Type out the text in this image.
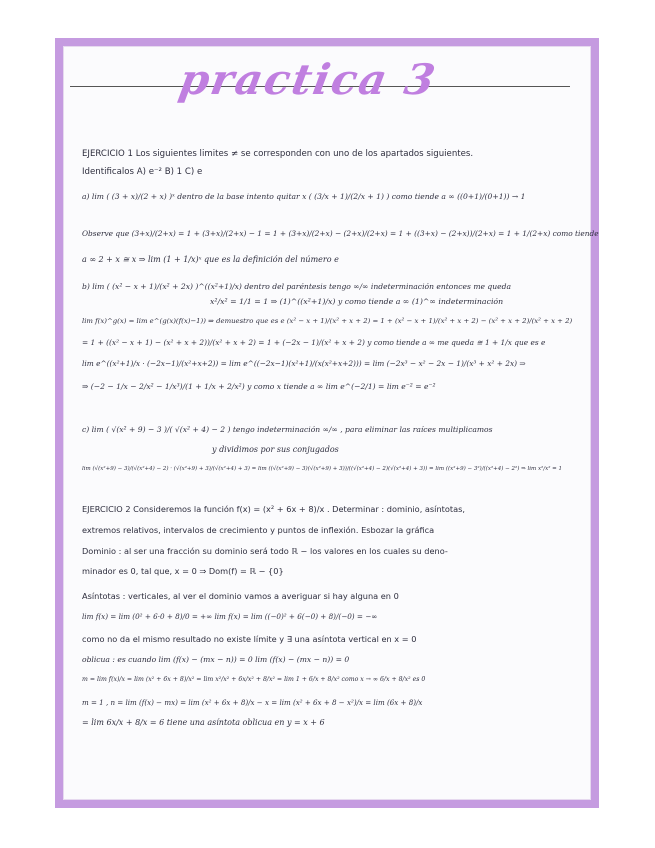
practica 3
EJERCICIO 1 Los siguientes limites ≠ se corresponden con uno de los apartados siguientes.
Identificalos A) e⁻² B) 1 C) e
a) lim ( (3 + x)/(2 + x) )ˣ dentro de la base intento quitar x ( (3/x + 1)/(2/x + 1) ) como tiende a ∞ ((0+1)/(0+1)) → 1
Observe que (3+x)/(2+x) = 1 + (3+x)/(2+x) − 1 = 1 + (3+x)/(2+x) − (2+x)/(2+x) = 1 + ((3+x) − (2+x))/(2+x) = 1 + 1/(2+x) como tiende
a ∞ 2 + x ≅ x ⇒ lim (1 + 1/x)ˣ que es la definición del número e
b) lim ( (x² − x + 1)/(x² + 2x) )^((x²+1)/x) dentro del paréntesis tengo ∞/∞ indeterminación entonces me queda
x²/x² = 1/1 = 1 ⇒ (1)^((x²+1)/x) y como tiende a ∞ (1)^∞ indeterminación
lim f(x)^g(x) = lim e^(g(x)(f(x)−1)) ⇒ demuestro que es e (x² − x + 1)/(x² + x + 2) = 1 + (x² − x + 1)/(x² + x + 2) − (x² + x + 2)/(x² + x + 2)
= 1 + ((x² − x + 1) − (x² + x + 2))/(x² + x + 2) = 1 + (−2x − 1)/(x² + x + 2) y como tiende a ∞ me queda ≅ 1 + 1/x que es e
lim e^((x²+1)/x · (−2x−1)/(x²+x+2)) = lim e^((−2x−1)(x²+1)/(x(x²+x+2))) = lim (−2x³ − x² − 2x − 1)/(x³ + x² + 2x) ⇒
⇒ (−2 − 1/x − 2/x² − 1/x³)/(1 + 1/x + 2/x²) y como x tiende a ∞ lim e^(−2/1) = lim e⁻² = e⁻²
c) lim ( √(x² + 9) − 3 )/( √(x² + 4) − 2 ) tengo indeterminación ∞/∞ , para eliminar las raíces multiplicamos
y dividimos por sus conjugados
lim (√(x²+9) − 3)/(√(x²+4) − 2) · (√(x²+9) + 3)/(√(x²+4) + 3) = lim ((√(x²+9) − 3)(√(x²+9) + 3))/((√(x²+4) − 2)(√(x²+4) + 3)) = lim ((x²+9) − 3²)/((x²+4) − 2²) ⇒ lim x²/x² = 1
EJERCICIO 2 Consideremos la función f(x) = (x² + 6x + 8)/x . Determinar : dominio, asíntotas,
extremos relativos, intervalos de crecimiento y puntos de inflexión. Esbozar la gráfica
Dominio : al ser una fracción su dominio será todo ℝ − los valores en los cuales su deno-
minador es 0, tal que, x = 0 ⇒ Dom(f) = ℝ − {0}
Asíntotas : verticales, al ver el dominio vamos a averiguar si hay alguna en 0
lim f(x) = lim (0² + 6·0 + 8)/0 = +∞ lim f(x) = lim ((−0)² + 6(−0) + 8)/(−0) = −∞
como no da el mismo resultado no existe límite y ∃ una asíntota vertical en x = 0
oblicua : es cuando lim (f(x) − (mx − n)) = 0 lim (f(x) − (mx − n)) = 0
m = lim f(x)/x = lim (x² + 6x + 8)/x² = lim x²/x² + 6x/x² + 8/x² = lim 1 + 6/x + 8/x² como x → ∞ 6/x + 8/x² es 0
m = 1 , n = lim (f(x) − mx) = lim (x² + 6x + 8)/x − x = lim (x² + 6x + 8 − x²)/x = lim (6x + 8)/x
= lim 6x/x + 8/x = 6 tiene una asíntota oblicua en y = x + 6
